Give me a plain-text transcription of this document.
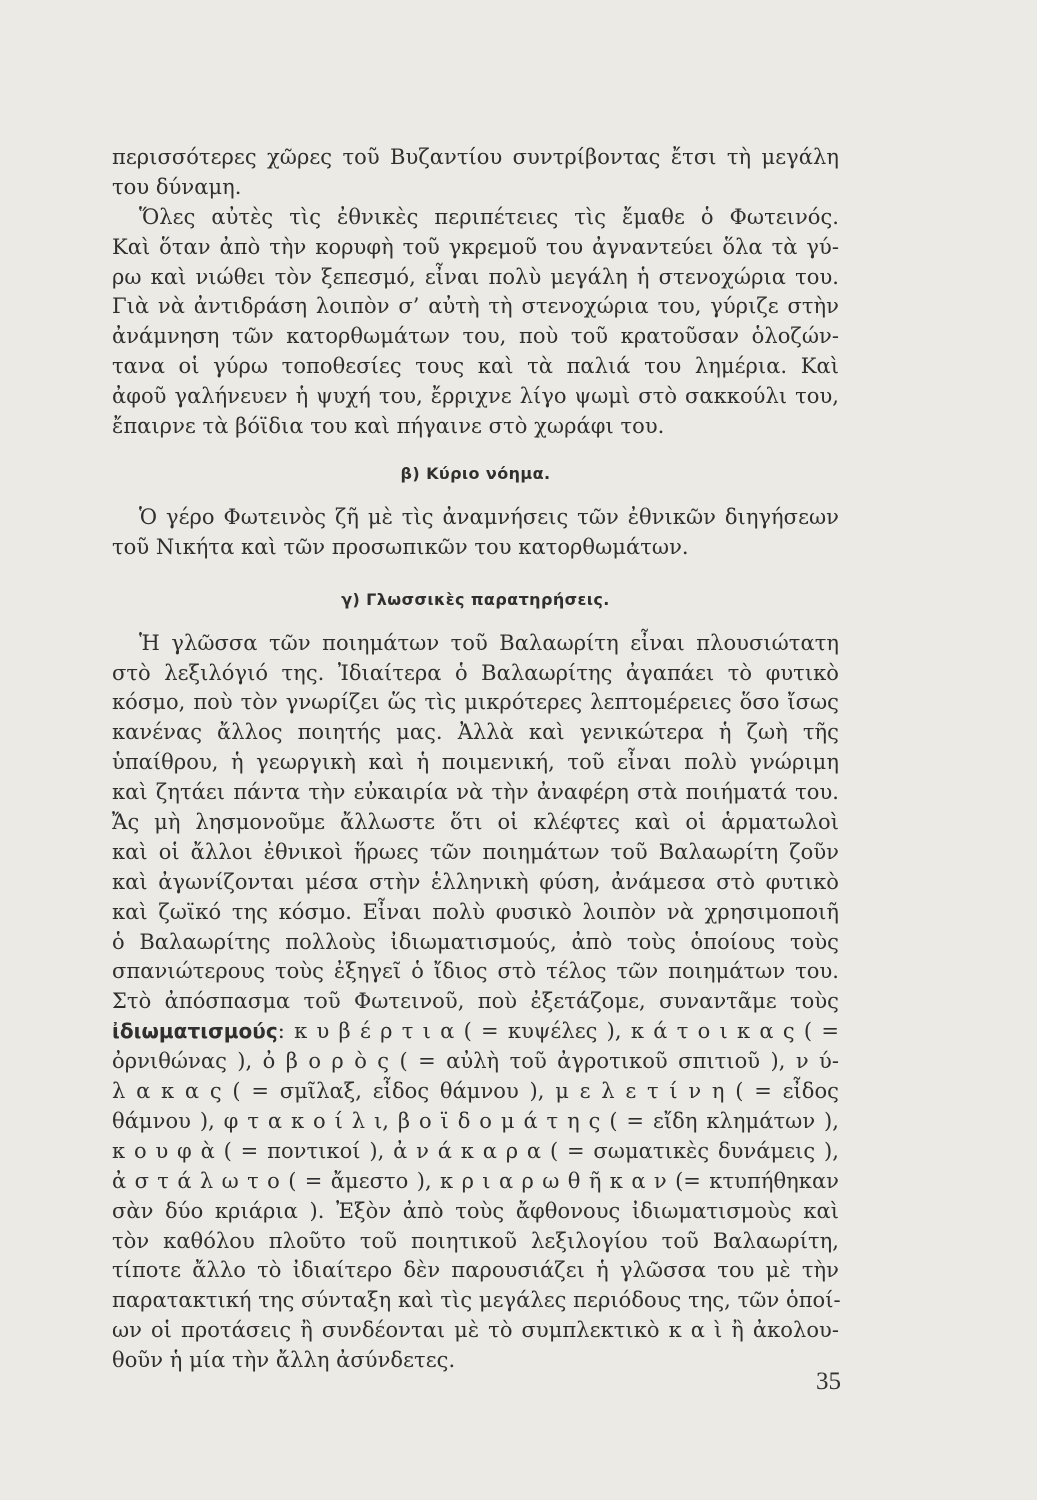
περισσότερες χῶρες τοῦ Βυζαντίου συντρίβοντας ἔτσι τὴ μεγάλη
του δύναμη.
Ὅλες αὐτὲς τὶς ἐθνικὲς περιπέτειες τὶς ἔμαθε ὁ Φωτεινός.
Καὶ ὅταν ἀπὸ τὴν κορυφὴ τοῦ γκρεμοῦ του ἀγναντεύει ὅλα τὰ γύ-
ρω καὶ νιώθει τὸν ξεπεσμό, εἶναι πολὺ μεγάλη ἡ στενοχώρια του.
Γιὰ νὰ ἀντιδράση λοιπὸν σ’ αὐτὴ τὴ στενοχώρια του, γύριζε στὴν
ἀνάμνηση τῶν κατορθωμάτων του, ποὺ τοῦ κρατοῦσαν ὁλοζών-
τανα οἱ γύρω τοποθεσίες τους καὶ τὰ παλιά του λημέρια. Καὶ
ἀφοῦ γαλήνευεν ἡ ψυχή του, ἔρριχνε λίγο ψωμὶ στὸ σακκούλι του,
ἔπαιρνε τὰ βόϊδια του καὶ πήγαινε στὸ χωράφι του.
β) Κύριο νόημα.
Ὁ γέρο Φωτεινὸς ζῆ μὲ τὶς ἀναμνήσεις τῶν ἐθνικῶν διηγήσεων
τοῦ Νικήτα καὶ τῶν προσωπικῶν του κατορθωμάτων.
γ) Γλωσσικὲς παρατηρήσεις.
Ἡ γλῶσσα τῶν ποιημάτων τοῦ Βαλαωρίτη εἶναι πλουσιώτατη
στὸ λεξιλόγιό της. Ἰδιαίτερα ὁ Βαλαωρίτης ἀγαπάει τὸ φυτικὸ
κόσμο, ποὺ τὸν γνωρίζει ὥς τὶς μικρότερες λεπτομέρειες ὅσο ἴσως
κανένας ἄλλος ποιητής μας. Ἀλλὰ καὶ γενικώτερα ἡ ζωὴ τῆς
ὑπαίθρου, ἡ γεωργικὴ καὶ ἡ ποιμενική, τοῦ εἶναι πολὺ γνώριμη
καὶ ζητάει πάντα τὴν εὐκαιρία νὰ τὴν ἀναφέρη στὰ ποιήματά του.
Ἄς μὴ λησμονοῦμε ἄλλωστε ὅτι οἱ κλέφτες καὶ οἱ ἁρματωλοὶ
καὶ οἱ ἄλλοι ἐθνικοὶ ἥρωες τῶν ποιημάτων τοῦ Βαλαωρίτη ζοῦν
καὶ ἀγωνίζονται μέσα στὴν ἑλληνικὴ φύση, ἀνάμεσα στὸ φυτικὸ
καὶ ζωϊκό της κόσμο. Εἶναι πολὺ φυσικὸ λοιπὸν νὰ χρησιμοποιῆ
ὁ Βαλαωρίτης πολλοὺς ἰδιωματισμούς, ἀπὸ τοὺς ὁποίους τοὺς
σπανιώτερους τοὺς ἐξηγεῖ ὁ ἴδιος στὸ τέλος τῶν ποιημάτων του.
Στὸ ἀπόσπασμα τοῦ Φωτεινοῦ, ποὺ ἐξετάζομε, συναντᾶμε τοὺς
ἰδιωματισμούς: κ υ β έ ρ τ ι α ( = κυψέλες ), κ ά τ ο ι κ α ς ( =
ὀρνιθώνας ), ὀ β ο ρ ὸ ς ( = αὐλὴ τοῦ ἀγροτικοῦ σπιτιοῦ ), ν ύ-
λ α κ α ς ( = σμῖλαξ, εἶδος θάμνου ), μ ε λ ε τ ί ν η ( = εἶδος
θάμνου ), φ τ α κ ο ί λ ι, β ο ϊ δ ο μ ά τ η ς ( = εἴδη κλημάτων ),
κ ο υ φ ὰ ( = ποντικοί ), ἀ ν ά κ α ρ α ( = σωματικὲς δυνάμεις ),
ἀ σ τ ά λ ω τ ο ( = ἄμεστο ), κ ρ ι α ρ ω θ ῆ κ α ν (= κτυπήθηκαν
σὰν δύο κριάρια ). Ἐξὸν ἀπὸ τοὺς ἄφθονους ἰδιωματισμοὺς καὶ
τὸν καθόλου πλοῦτο τοῦ ποιητικοῦ λεξιλογίου τοῦ Βαλαωρίτη,
τίποτε ἄλλο τὸ ἰδιαίτερο δὲν παρουσιάζει ἡ γλῶσσα του μὲ τὴν
παρατακτική της σύνταξη καὶ τὶς μεγάλες περιόδους της, τῶν ὁποί-
ων οἱ προτάσεις ἢ συνδέονται μὲ τὸ συμπλεκτικὸ κ α ὶ ἢ ἀκολου-
θοῦν ἡ μία τὴν ἄλλη ἀσύνδετες.
35
